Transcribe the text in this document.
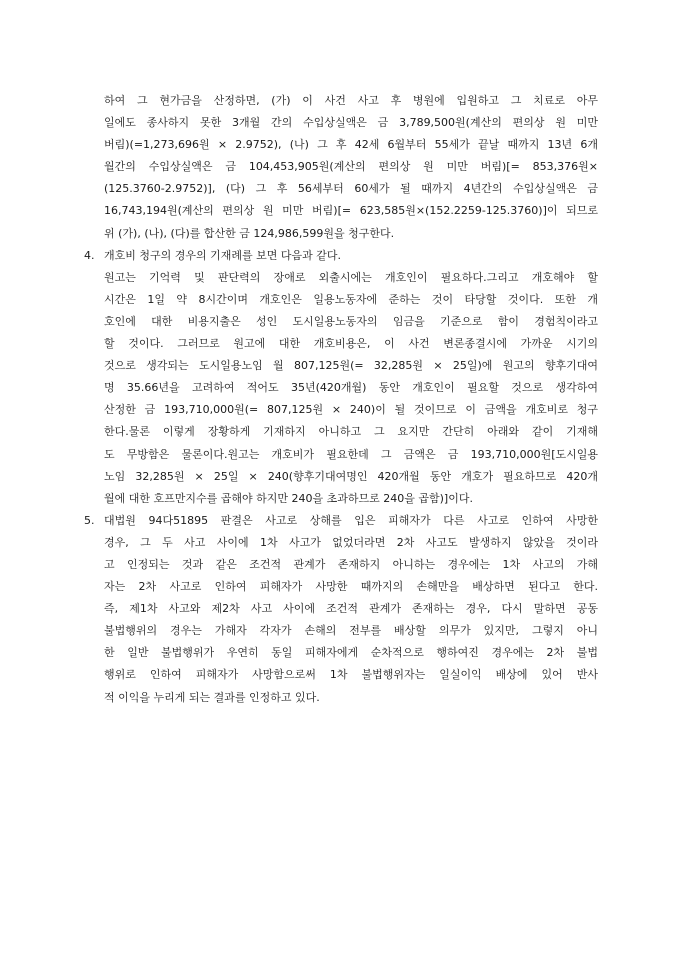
하여 그 현가금을 산정하면, (가) 이 사건 사고 후 병원에 입원하고 그 치료로 아무
일에도 종사하지 못한 3개월 간의 수입상실액은 금 3,789,500원(계산의 편의상 원 미만
버림)(=1,273,696원 × 2.9752), (나) 그 후 42세 6월부터 55세가 끝날 때까지 13년 6개
월간의 수입상실액은 금 104,453,905원(계산의 편의상 원 미만 버림)[= 853,376원×
(125.3760-2.9752)], (다) 그 후 56세부터 60세가 될 때까지 4년간의 수입상실액은 금
16,743,194원(계산의 편의상 원 미만 버림)[= 623,585원×(152.2259-125.3760)]이 되므로
위 (가), (나), (다)를 합산한 금 124,986,599원을 청구한다.
4. 개호비 청구의 경우의 기재례를 보면 다음과 같다.
원고는 기억력 및 판단력의 장애로 외출시에는 개호인이 필요하다.그리고 개호해야 할
시간은 1일 약 8시간이며 개호인은 일용노동자에 준하는 것이 타당할 것이다. 또한 개
호인에 대한 비용지출은 성인 도시일용노동자의 임금을 기준으로 함이 경험칙이라고
할 것이다. 그러므로 원고에 대한 개호비용은, 이 사건 변론종결시에 가까운 시기의
것으로 생각되는 도시일용노임 월 807,125원(= 32,285원 × 25일)에 원고의 향후기대여
명 35.66년을 고려하여 적어도 35년(420개월) 동안 개호인이 필요할 것으로 생각하여
산정한 금 193,710,000원(= 807,125원 × 240)이 될 것이므로 이 금액을 개호비로 청구
한다.물론 이렇게 장황하게 기재하지 아니하고 그 요지만 간단히 아래와 같이 기재해
도 무방함은 물론이다.원고는 개호비가 필요한데 그 금액은 금 193,710,000원[도시일용
노임 32,285원 × 25일 × 240(향후기대여명인 420개월 동안 개호가 필요하므로 420개
월에 대한 호프만지수를 곱해야 하지만 240을 초과하므로 240을 곱함)]이다.
5. 대법원 94다51895 판결은 사고로 상해를 입은 피해자가 다른 사고로 인하여 사망한
경우, 그 두 사고 사이에 1차 사고가 없었더라면 2차 사고도 발생하지 않았을 것이라
고 인정되는 것과 같은 조건적 관계가 존재하지 아니하는 경우에는 1차 사고의 가해
자는 2차 사고로 인하여 피해자가 사망한 때까지의 손해만을 배상하면 된다고 한다.
즉, 제1차 사고와 제2차 사고 사이에 조건적 관계가 존재하는 경우, 다시 말하면 공동
불법행위의 경우는 가해자 각자가 손해의 전부를 배상할 의무가 있지만, 그렇지 아니
한 일반 불법행위가 우연히 동일 피해자에게 순차적으로 행하여진 경우에는 2차 불법
행위로 인하여 피해자가 사망함으로써 1차 불법행위자는 일실이익 배상에 있어 반사
적 이익을 누리게 되는 결과를 인정하고 있다.
